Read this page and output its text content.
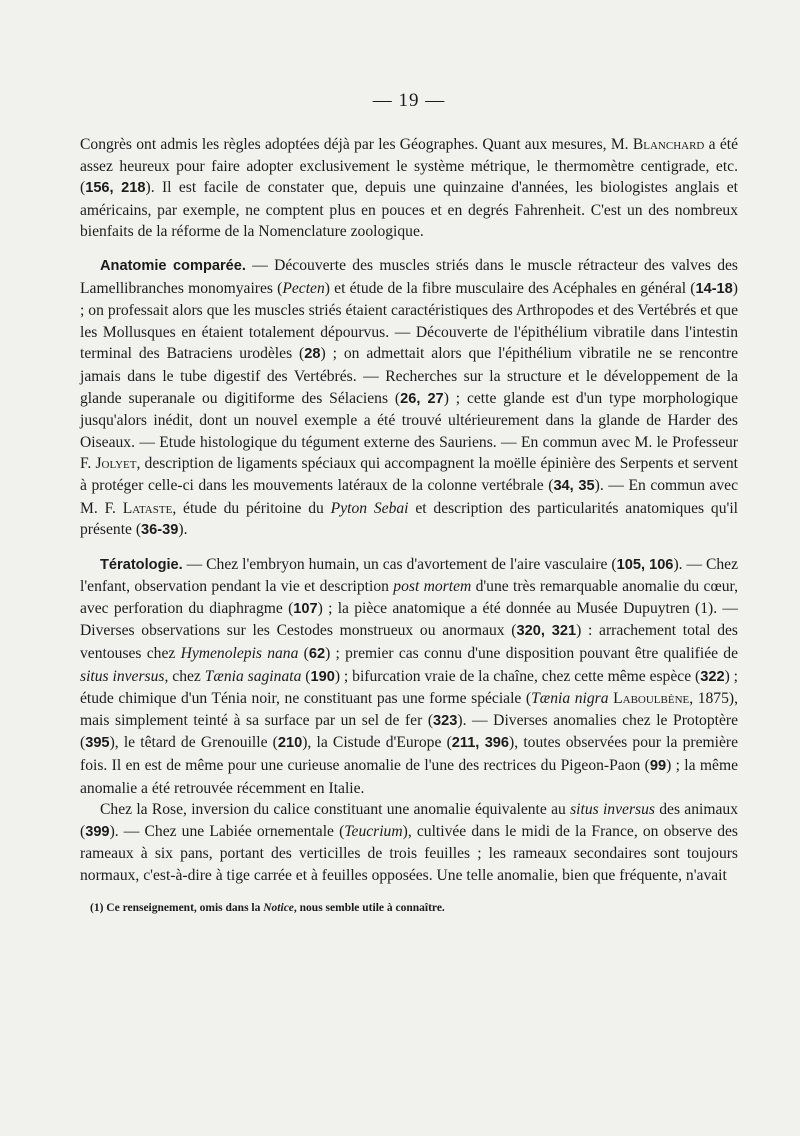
— 19 —

Congrès ont admis les règles adoptées déjà par les Géographes. Quant aux mesures, M. Blanchard a été assez heureux pour faire adopter exclusivement le système métrique, le thermomètre centigrade, etc. (156, 218). Il est facile de constater que, depuis une quinzaine d'années, les biologistes anglais et américains, par exemple, ne comptent plus en pouces et en degrés Fahrenheit. C'est un des nombreux bienfaits de la réforme de la Nomenclature zoologique.

Anatomie comparée. — Découverte des muscles striés dans le muscle rétracteur des valves des Lamellibranches monomyaires (Pecten) et étude de la fibre musculaire des Acéphales en général (14-18) ; on professait alors que les muscles striés étaient caractéristiques des Arthropodes et des Vertébrés et que les Mollusques en étaient totalement dépourvus. — Découverte de l'épithélium vibratile dans l'intestin terminal des Batraciens urodèles (28) ; on admettait alors que l'épithélium vibratile ne se rencontre jamais dans le tube digestif des Vertébrés. — Recherches sur la structure et le développement de la glande superanale ou digitiforme des Sélaciens (26, 27) ; cette glande est d'un type morphologique jusqu'alors inédit, dont un nouvel exemple a été trouvé ultérieurement dans la glande de Harder des Oiseaux. — Etude histologique du tégument externe des Sauriens. — En commun avec M. le Professeur F. Jolyet, description de ligaments spéciaux qui accompagnent la moëlle épinière des Serpents et servent à protéger celle-ci dans les mouvements latéraux de la colonne vertébrale (34, 35). — En commun avec M. F. Lataste, étude du péritoine du Pyton Sebai et description des particularités anatomiques qu'il présente (36-39).

Tératologie. — Chez l'embryon humain, un cas d'avortement de l'aire vasculaire (105, 106). — Chez l'enfant, observation pendant la vie et description post mortem d'une très remarquable anomalie du cœur, avec perforation du diaphragme (107) ; la pièce anatomique a été donnée au Musée Dupuytren (1). — Diverses observations sur les Cestodes monstrueux ou anormaux (320, 321) : arrachement total des ventouses chez Hymenolepis nana (62) ; premier cas connu d'une disposition pouvant être qualifiée de situs inversus, chez Tænia saginata (190) ; bifurcation vraie de la chaîne, chez cette même espèce (322) ; étude chimique d'un Ténia noir, ne constituant pas une forme spéciale (Tænia nigra Laboulbène, 1875), mais simplement teinté à sa surface par un sel de fer (323). — Diverses anomalies chez le Protoptère (395), le têtard de Grenouille (210), la Cistude d'Europe (211, 396), toutes observées pour la première fois. Il en est de même pour une curieuse anomalie de l'une des rectrices du Pigeon-Paon (99) ; la même anomalie a été retrouvée récemment en Italie.

Chez la Rose, inversion du calice constituant une anomalie équivalente au situs inversus des animaux (399). — Chez une Labiée ornementale (Teucrium), cultivée dans le midi de la France, on observe des rameaux à six pans, portant des verticilles de trois feuilles ; les rameaux secondaires sont toujours normaux, c'est-à-dire à tige carrée et à feuilles opposées. Une telle anomalie, bien que fréquente, n'avait

(1) Ce renseignement, omis dans la Notice, nous semble utile à connaître.
